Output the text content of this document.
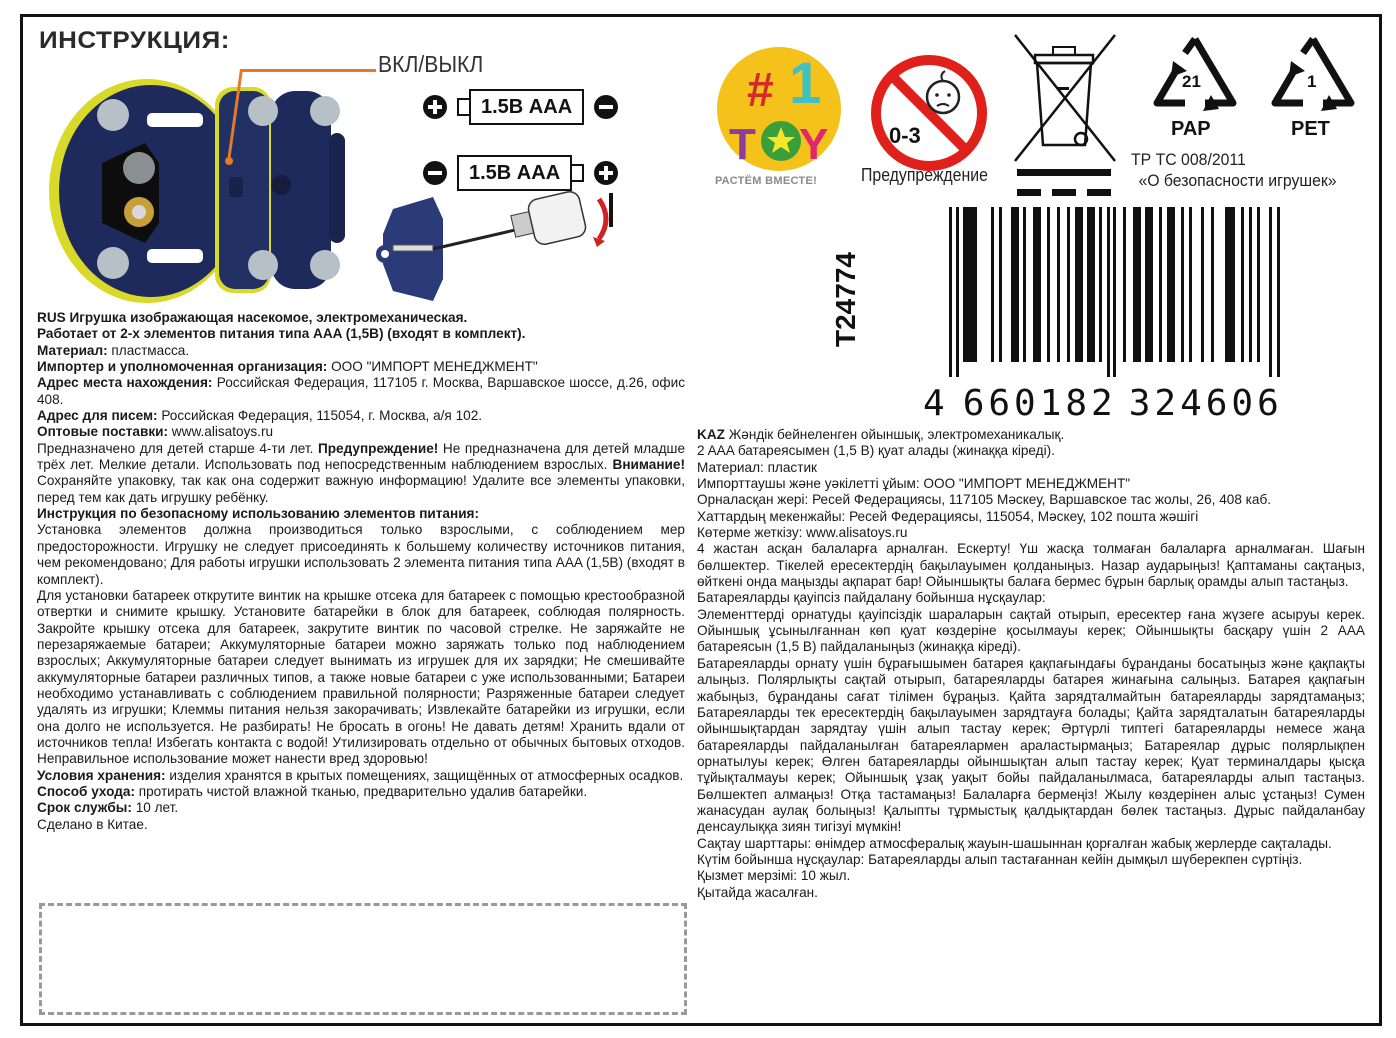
ИНСТРУКЦИЯ:
ВКЛ/ВЫКЛ
1.5В AAA
1.5В AAA
# 1
T Y
РАСТЁМ ВМЕСТЕ!
0-3
Предупреждение
21
PAP
1
PET
ТР ТС 008/2011
«О безопасности игрушек»
T24774
4 660182 324606

RUS Игрушка изображающая насекомое, электромеханическая.

Работает от 2-х элементов питания типа AAA (1,5В) (входят в комплект).

Материал: пластмасса.

Импортер и уполномоченная организация: ООО "ИМПОРТ МЕНЕДЖМЕНТ"

Адрес места нахождения: Российская Федерация, 117105 г. Москва, Варшавское шоссе, д.26, офис 408.

Адрес для писем: Российская Федерация, 115054, г. Москва, а/я 102.

Оптовые поставки: www.alisatoys.ru

Предназначено для детей старше 4-ти лет. Предупреждение! Не предназначена для детей младше трёх лет. Мелкие детали. Использовать под непосредственным наблюдением взрослых. Внимание! Сохраняйте упаковку, так как она содержит важную информацию! Удалите все элементы упаковки, перед тем как дать игрушку ребёнку.

Инструкция по безопасному использованию элементов питания:

Установка элементов должна производиться только взрослыми, с соблюдением мер предосторожности. Игрушку не следует присоединять к большему количеству источников питания, чем рекомендовано; Для работы игрушки использовать 2 элемента питания типа AAA (1,5В) (входят в комплект).

Для установки батареек открутите винтик на крышке отсека для батареек с помощью крестообразной отвертки и снимите крышку. Установите батарейки в блок для батареек, соблюдая полярность. Закройте крышку отсека для батареек, закрутите винтик по часовой стрелке. Не заряжайте не перезаряжаемые батареи; Аккумуляторные батареи можно заряжать только под наблюдением взрослых; Аккумуляторные батареи следует вынимать из игрушек для их зарядки; Не смешивайте аккумуляторные батареи различных типов, а также новые батареи с уже использованными; Батареи необходимо устанавливать с соблюдением правильной полярности; Разряженные батареи следует удалять из игрушки; Клеммы питания нельзя закорачивать; Извлекайте батарейки из игрушки, если она долго не используется. Не разбирать! Не бросать в огонь! Не давать детям! Хранить вдали от источников тепла! Избегать контакта с водой! Утилизировать отдельно от обычных бытовых отходов. Неправильное использование может нанести вред здоровью!

Условия хранения: изделия хранятся в крытых помещениях, защищённых от атмосферных осадков.

Способ ухода: протирать чистой влажной тканью, предварительно удалив батарейки.

Срок службы: 10 лет.

Сделано в Китае.

KAZ Жәндік бейнеленген ойыншық, электромеханикалық.

2 AAA батареясымен (1,5 В) қуат алады (жинаққа кіреді).

Материал: пластик

Импорттаушы және уәкілетті ұйым: ООО "ИМПОРТ МЕНЕДЖМЕНТ"

Орналасқан жері: Ресей Федерациясы, 117105 Мәскеу, Варшавское тас жолы, 26, 408 каб.

Хаттардың мекенжайы: Ресей Федерациясы, 115054, Мәскеу, 102 пошта жәшігі

Көтерме жеткізу: www.alisatoys.ru

4 жастан асқан балаларға арналған. Ескерту! Үш жасқа толмаған балаларға арналмаған. Шағын бөлшектер. Тікелей ересектердің бақылауымен қолданыңыз. Назар аударыңыз! Қаптаманы сақтаңыз, өйткені онда маңызды ақпарат бар! Ойыншықты балаға бермес бұрын барлық орамды алып тастаңыз.

Батареяларды қауіпсіз пайдалану бойынша нұсқаулар:

Элементтерді орнатуды қауіпсіздік шараларын сақтай отырып, ересектер ғана жүзеге асыруы керек. Ойыншық ұсынылғаннан көп қуат көздеріне қосылмауы керек; Ойыншықты басқару үшін 2 AAA батареясын (1,5 В) пайдаланыңыз (жинаққа кіреді).

Батареяларды орнату үшін бұрағышымен батарея қақпағындағы бұранданы босатыңыз және қақпақты алыңыз. Полярлықты сақтай отырып, батареяларды батарея жинағына салыңыз. Батарея қақпағын жабыңыз, бұранданы сағат тілімен бұраңыз. Қайта зарядталмайтын батареяларды зарядтамаңыз; Батареяларды тек ересектердің бақылауымен зарядтауға болады; Қайта зарядталатын батареяларды ойыншықтардан зарядтау үшін алып тастау керек; Әртүрлі типтегі батареяларды немесе жаңа батареяларды пайдаланылған батареялармен араластырмаңыз; Батареялар дұрыс полярлықпен орнатылуы керек; Өлген батареяларды ойыншықтан алып тастау керек; Қуат терминалдары қысқа тұйықталмауы керек; Ойыншық ұзақ уақыт бойы пайдаланылмаса, батареяларды алып тастаңыз. Бөлшектеп алмаңыз! Отқа тастамаңыз! Балаларға бермеңіз! Жылу көздерінен алыс ұстаңыз! Сумен жанасудан аулақ болыңыз! Қалыпты тұрмыстық қалдықтардан бөлек тастаңыз. Дұрыс пайдаланбау денсаулыққа зиян тигізуі мүмкін!

Сақтау шарттары: өнімдер атмосфералық жауын-шашыннан қорғалған жабық жерлерде сақталады.

Күтім бойынша нұсқаулар: Батареяларды алып тастағаннан кейін дымқыл шүберекпен сүртіңіз.

Қызмет мерзімі: 10 жыл.

Қытайда жасалған.
